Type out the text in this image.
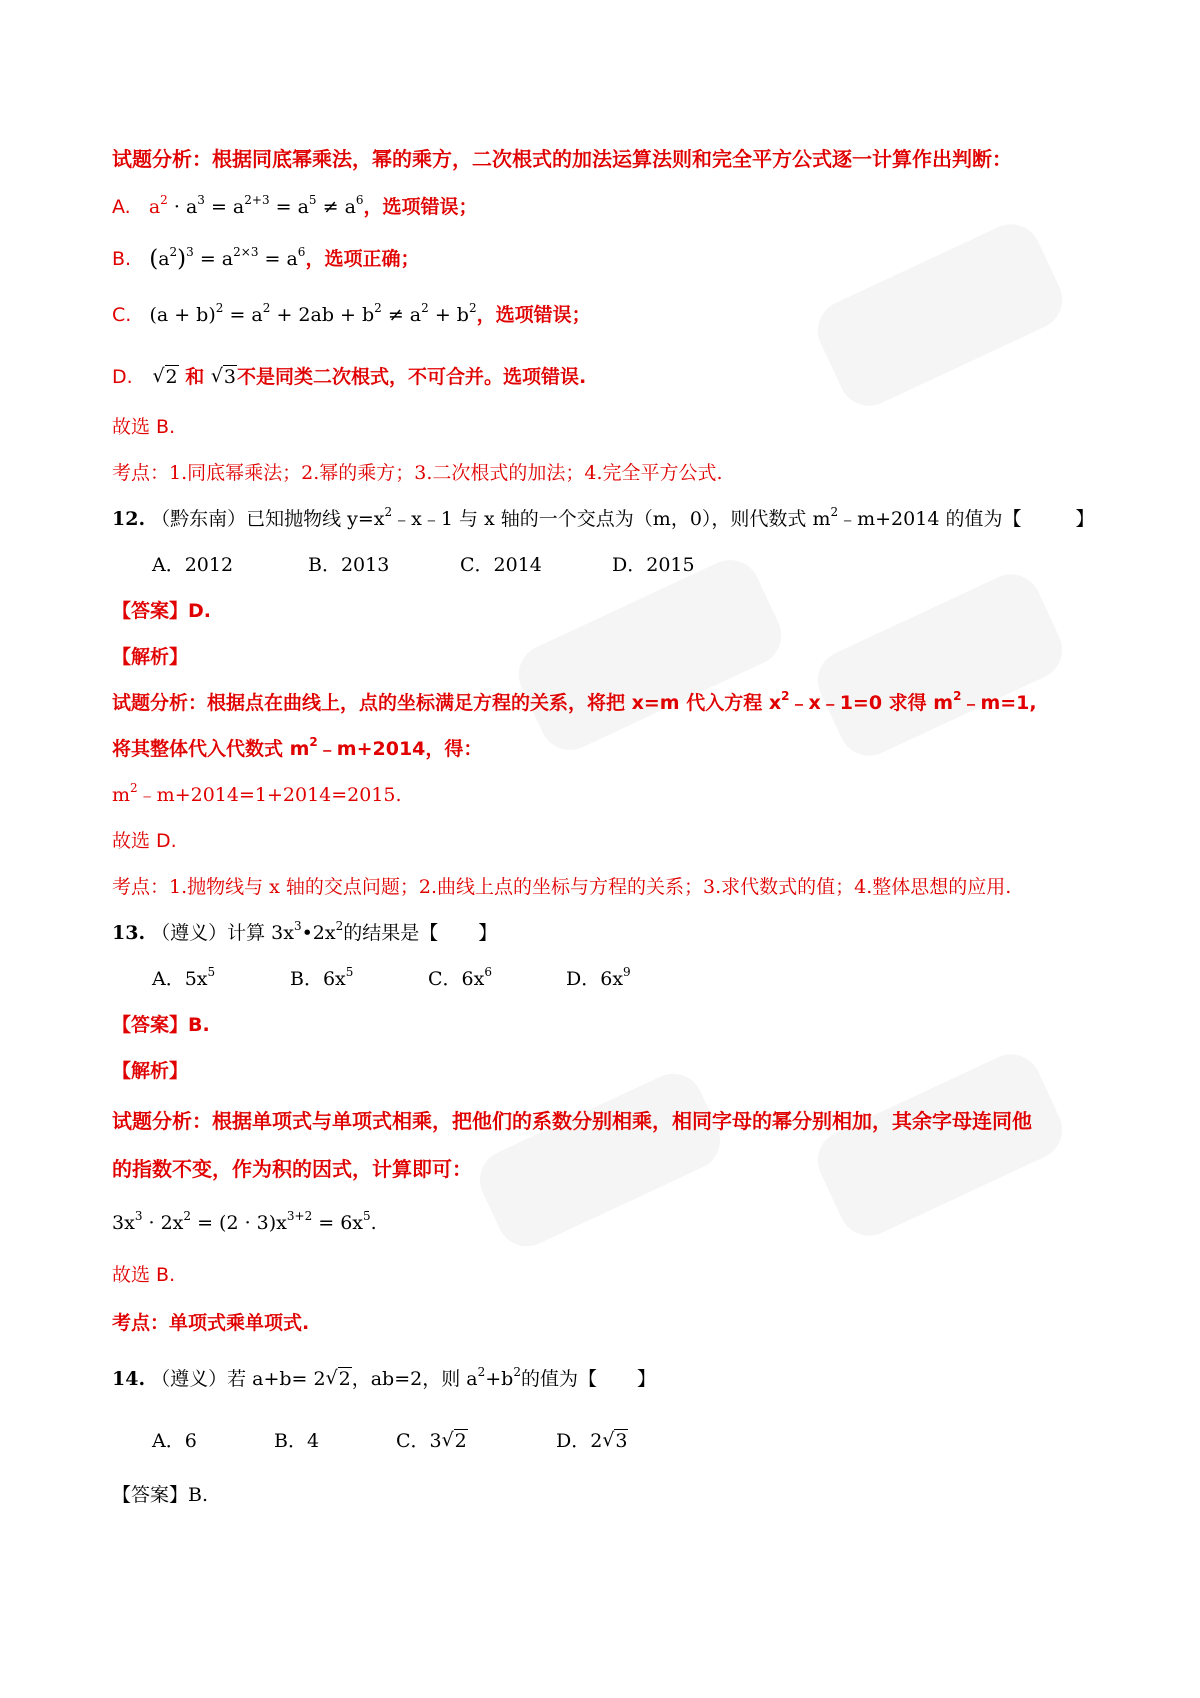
试题分析：根据同底幂乘法，幂的乘方，二次根式的加法运算法则和完全平方公式逐一计算作出判断：
A. $a^2 \cdot a^3 = a^{2+3} = a^5 \ne a^6$，选项错误；
B. $(a^2)^3 = a^{2\times 3} = a^6$，选项正确；
C. $(a + b)^2 = a^2 + 2ab + b^2 \ne a^2 + b^2$，选项错误；
D. √ 2 和 √ 3不是同类二次根式，不可合并。选项错误.
故选 B.
考点：1.同底幂乘法；2.幂的乘方；3.二次根式的加法；4.完全平方公式.
12. （黔东南）已知抛物线 $y=x^2﹣x﹣1$ 与 x 轴的一个交点为（m，0），则代数式 $m^2﹣m+2014$ 的值为【	】
A．2012	B．2013	C．2014	D．2015
【答案】D.
【解析】
试题分析：根据点在曲线上，点的坐标满足方程的关系，将把 x=m 代入方程 $x^2﹣x﹣1=0$ 求得 $m^2﹣m=1$,
将其整体代入代数式 $m^2﹣m+2014$，得：
$m^2﹣m+2014=1+2014=2015$.
故选 D.
考点：1.抛物线与 x 轴的交点问题；2.曲线上点的坐标与方程的关系；3.求代数式的值；4.整体思想的应用.
13. （遵义）计算 $3x^3•2x^2$的结果是【 】
A．$5x^5$	B．$6x^5$	C．$6x^6$	D．$6x^9$
【答案】B.
【解析】
试题分析：根据单项式与单项式相乘，把他们的系数分别相乘，相同字母的幂分别相加，其余字母连同他
的指数不变，作为积的因式，计算即可：
$3x^3 \cdot 2x^2 = (2 \cdot 3)x^{3+2} = 6x^5$.
故选 B.
考点：单项式乘单项式.
14. （遵义）若 a+b= 2 √ 2，ab=2，则 $a^2+b^2$的值为【 】
A．6	B．4	C．3 √ 2	D．2 √ 3
【答案】B.
